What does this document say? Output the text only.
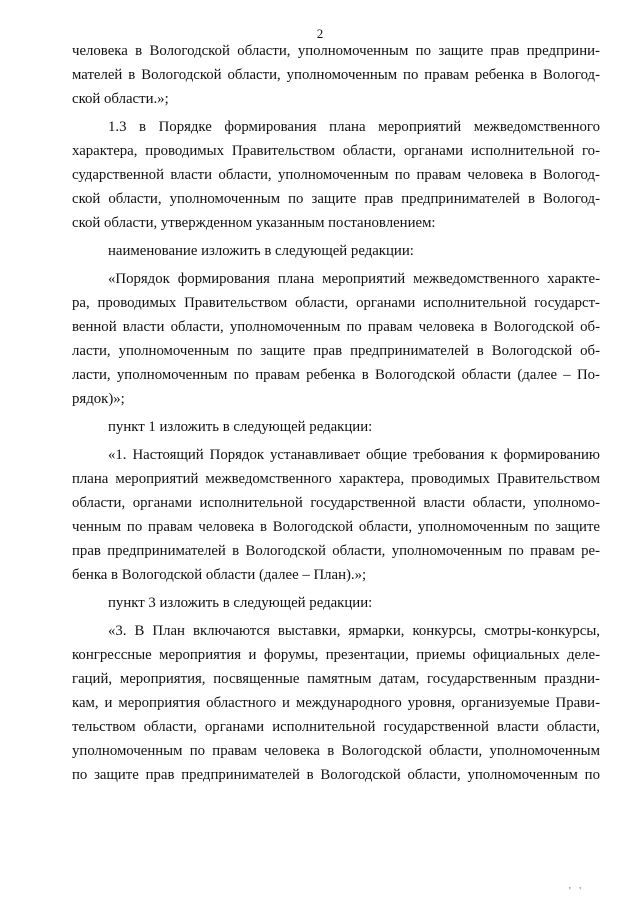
2
человека в Вологодской области, уполномоченным по защите прав предприни-
мателей в Вологодской области, уполномоченным по правам ребенка в Вологод-
ской области.»;
1.3 в Порядке формирования плана мероприятий межведомственного
характера, проводимых Правительством области, органами исполнительной го-
сударственной власти области, уполномоченным по правам человека в Вологод-
ской области, уполномоченным по защите прав предпринимателей в Вологод-
ской области, утвержденном указанным постановлением:
наименование изложить в следующей редакции:
«Порядок формирования плана мероприятий межведомственного характе-
ра, проводимых Правительством области, органами исполнительной государст-
венной власти области, уполномоченным по правам человека в Вологодской об-
ласти, уполномоченным по защите прав предпринимателей в Вологодской об-
ласти, уполномоченным по правам ребенка в Вологодской области (далее – По-
рядок)»;
пункт 1 изложить в следующей редакции:
«1. Настоящий Порядок устанавливает общие требования к формированию
плана мероприятий межведомственного характера, проводимых Правительством
области, органами исполнительной государственной власти области, уполномо-
ченным по правам человека в Вологодской области, уполномоченным по защите
прав предпринимателей в Вологодской области, уполномоченным по правам ре-
бенка в Вологодской области (далее – План).»;
пункт 3 изложить в следующей редакции:
«3. В План включаются выставки, ярмарки, конкурсы, смотры-конкурсы,
конгрессные мероприятия и форумы, презентации, приемы официальных деле-
гаций, мероприятия, посвященные памятным датам, государственным праздни-
кам, и мероприятия областного и международного уровня, организуемые Прави-
тельством области, органами исполнительной государственной власти области,
уполномоченным по правам человека в Вологодской области, уполномоченным
по защите прав предпринимателей в Вологодской области, уполномоченным по
' '
